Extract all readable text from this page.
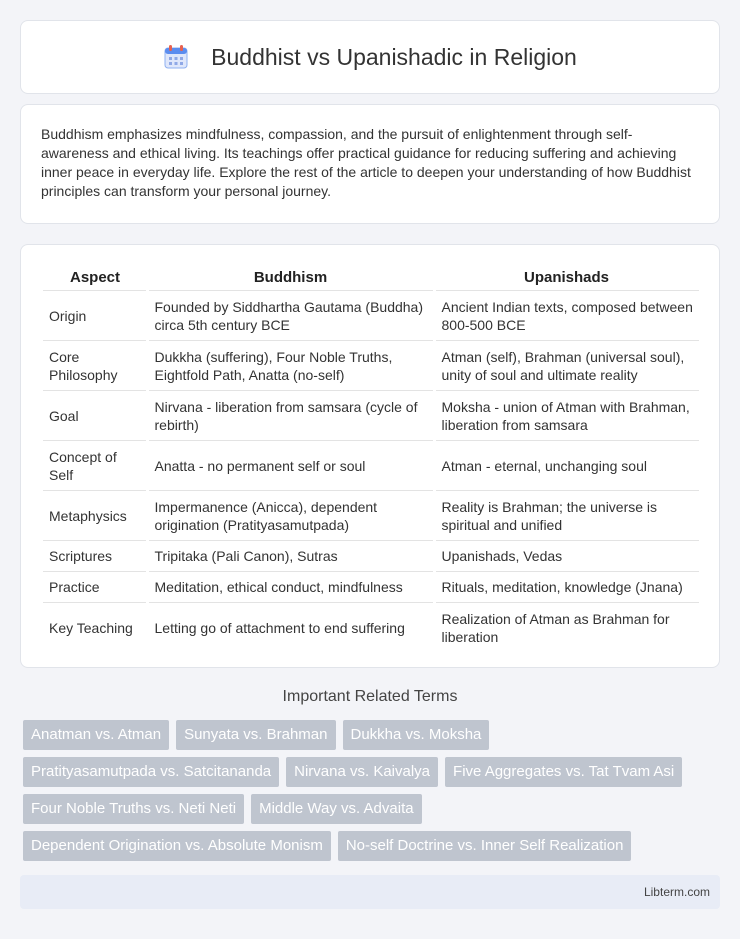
Buddhist vs Upanishadic in Religion

Buddhism emphasizes mindfulness, compassion, and the pursuit of enlightenment through self-awareness and ethical living. Its teachings offer practical guidance for reducing suffering and achieving inner peace in everyday life. Explore the rest of the article to deepen your understanding of how Buddhist principles can transform your personal journey.

Aspect	Buddhism	Upanishads
Origin	Founded by Siddhartha Gautama (Buddha) circa 5th century BCE	Ancient Indian texts, composed between 800-500 BCE
Core Philosophy	Dukkha (suffering), Four Noble Truths, Eightfold Path, Anatta (no-self)	Atman (self), Brahman (universal soul), unity of soul and ultimate reality
Goal	Nirvana - liberation from samsara (cycle of rebirth)	Moksha - union of Atman with Brahman, liberation from samsara
Concept of Self	Anatta - no permanent self or soul	Atman - eternal, unchanging soul
Metaphysics	Impermanence (Anicca), dependent origination (Pratityasamutpada)	Reality is Brahman; the universe is spiritual and unified
Scriptures	Tripitaka (Pali Canon), Sutras	Upanishads, Vedas
Practice	Meditation, ethical conduct, mindfulness	Rituals, meditation, knowledge (Jnana)
Key Teaching	Letting go of attachment to end suffering	Realization of Atman as Brahman for liberation
Important Related Terms
Anatman vs. Atman	Sunyata vs. Brahman	Dukkha vs. Moksha
Pratityasamutpada vs. Satcitananda	Nirvana vs. Kaivalya	Five Aggregates vs. Tat Tvam Asi
Four Noble Truths vs. Neti Neti	Middle Way vs. Advaita
Dependent Origination vs. Absolute Monism	No-self Doctrine vs. Inner Self Realization
Libterm.com
